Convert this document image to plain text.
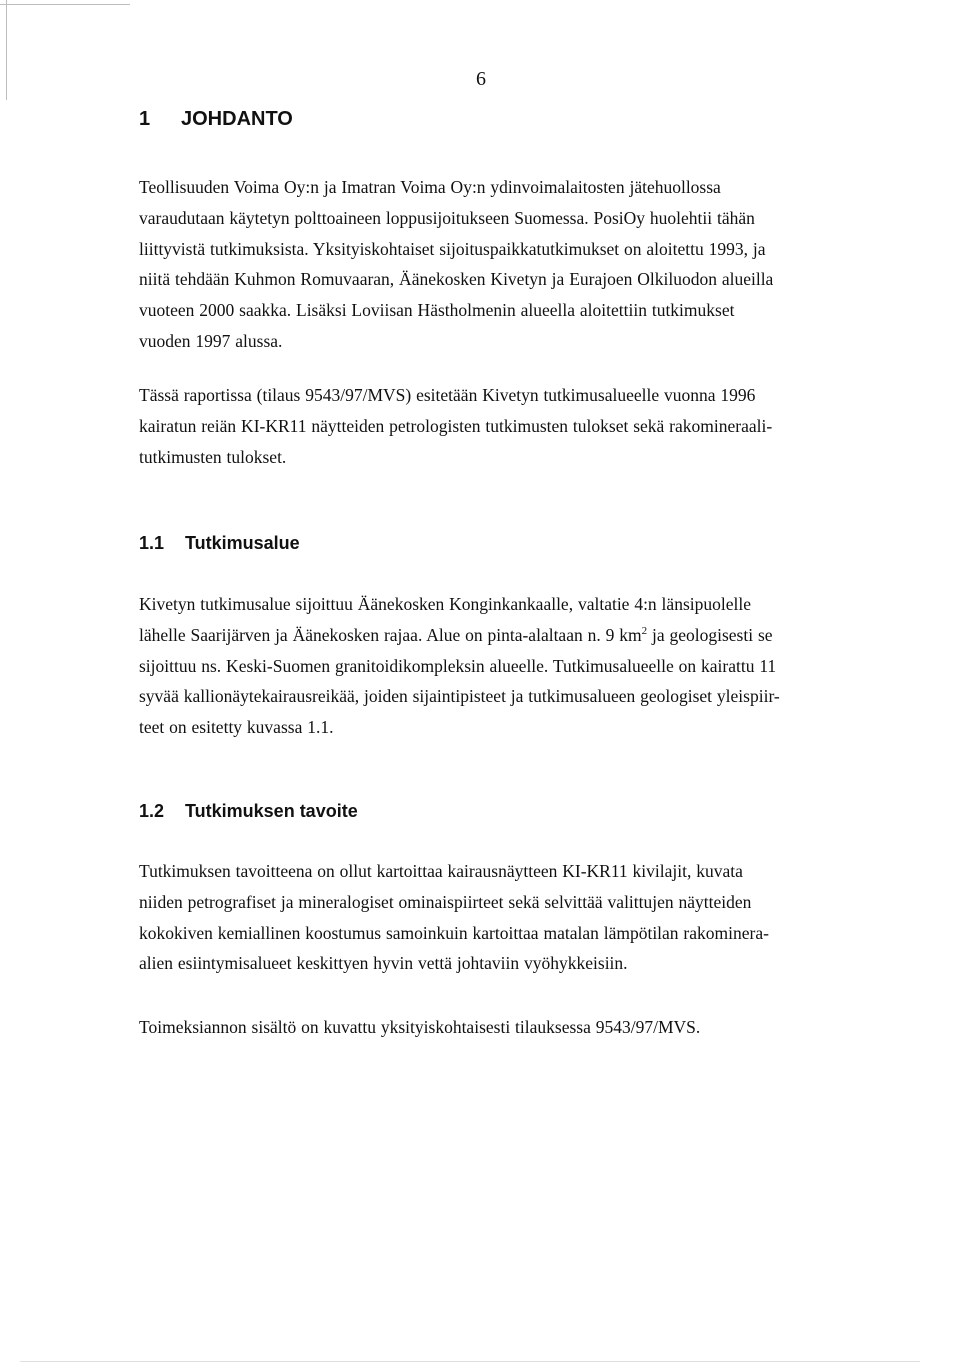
6
1 JOHDANTO

Teollisuuden Voima Oy:n ja Imatran Voima Oy:n ydinvoimalaitosten jätehuollossa
varaudutaan käytetyn polttoaineen loppusijoitukseen Suomessa. PosiOy huolehtii tähän
liittyvistä tutkimuksista. Yksityiskohtaiset sijoituspaikkatutkimukset on aloitettu 1993, ja
niitä tehdään Kuhmon Romuvaaran, Äänekosken Kivetyn ja Eurajoen Olkiluodon alueilla
vuoteen 2000 saakka. Lisäksi Loviisan Hästholmenin alueella aloitettiin tutkimukset
vuoden 1997 alussa.

Tässä raportissa (tilaus 9543/97/MVS) esitetään Kivetyn tutkimusalueelle vuonna 1996
kairatun reiän KI-KR11 näytteiden petrologisten tutkimusten tulokset sekä rakomineraali-
tutkimusten tulokset.

1.1 Tutkimusalue

Kivetyn tutkimusalue sijoittuu Äänekosken Konginkankaalle, valtatie 4:n länsipuolelle
lähelle Saarijärven ja Äänekosken rajaa. Alue on pinta-alaltaan n. 9 $km^2$ ja geologisesti se
sijoittuu ns. Keski-Suomen granitoidikompleksin alueelle. Tutkimusalueelle on kairattu 11
syvää kallionäytekairausreikää, joiden sijaintipisteet ja tutkimusalueen geologiset yleispiir-
teet on esitetty kuvassa 1.1.

1.2 Tutkimuksen tavoite

Tutkimuksen tavoitteena on ollut kartoittaa kairausnäytteen KI-KR11 kivilajit, kuvata
niiden petrografiset ja mineralogiset ominaispiirteet sekä selvittää valittujen näytteiden
kokokiven kemiallinen koostumus samoinkuin kartoittaa matalan lämpötilan rakominera-
alien esiintymisalueet keskittyen hyvin vettä johtaviin vyöhykkeisiin.

Toimeksiannon sisältö on kuvattu yksityiskohtaisesti tilauksessa 9543/97/MVS.
